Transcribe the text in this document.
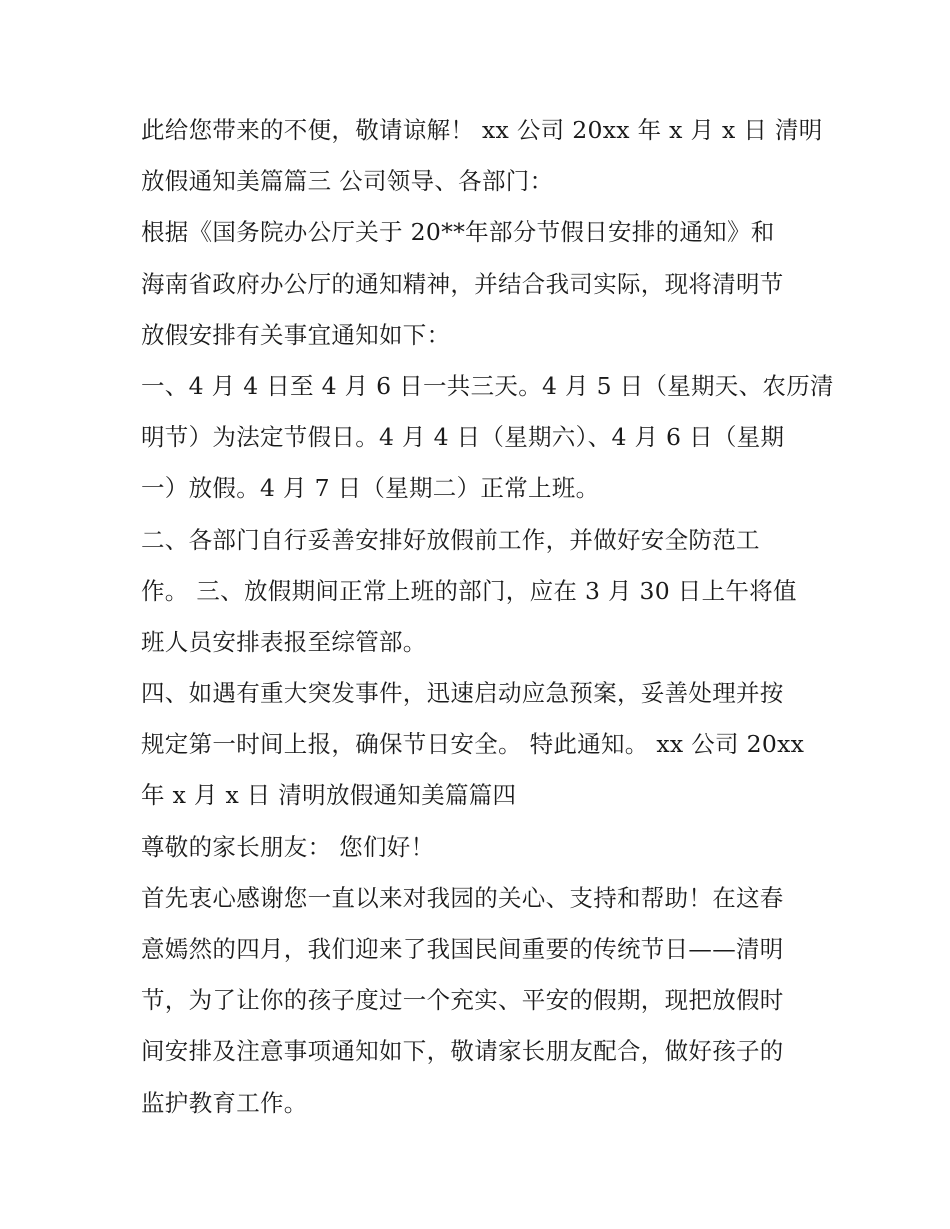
此给您带来的不便，敬请谅解！ xx 公司 20xx 年 x 月 x 日 清明
放假通知美篇篇三 公司领导、各部门：
根据《国务院办公厅关于 20**年部分节假日安排的通知》和
海南省政府办公厅的通知精神，并结合我司实际，现将清明节
放假安排有关事宜通知如下：
一、4 月 4 日至 4 月 6 日一共三天。4 月 5 日（星期天、农历清
明节）为法定节假日。4 月 4 日（星期六）、4 月 6 日（星期
一）放假。4 月 7 日（星期二）正常上班。
二、各部门自行妥善安排好放假前工作，并做好安全防范工
作。 三、放假期间正常上班的部门，应在 3 月 30 日上午将值
班人员安排表报至综管部。
四、如遇有重大突发事件，迅速启动应急预案，妥善处理并按
规定第一时间上报，确保节日安全。 特此通知。 xx 公司 20xx
年 x 月 x 日 清明放假通知美篇篇四
尊敬的家长朋友： 您们好！
首先衷心感谢您一直以来对我园的关心、支持和帮助！在这春
意嫣然的四月，我们迎来了我国民间重要的传统节日——清明
节，为了让你的孩子度过一个充实、平安的假期，现把放假时
间安排及注意事项通知如下，敬请家长朋友配合，做好孩子的
监护教育工作。
